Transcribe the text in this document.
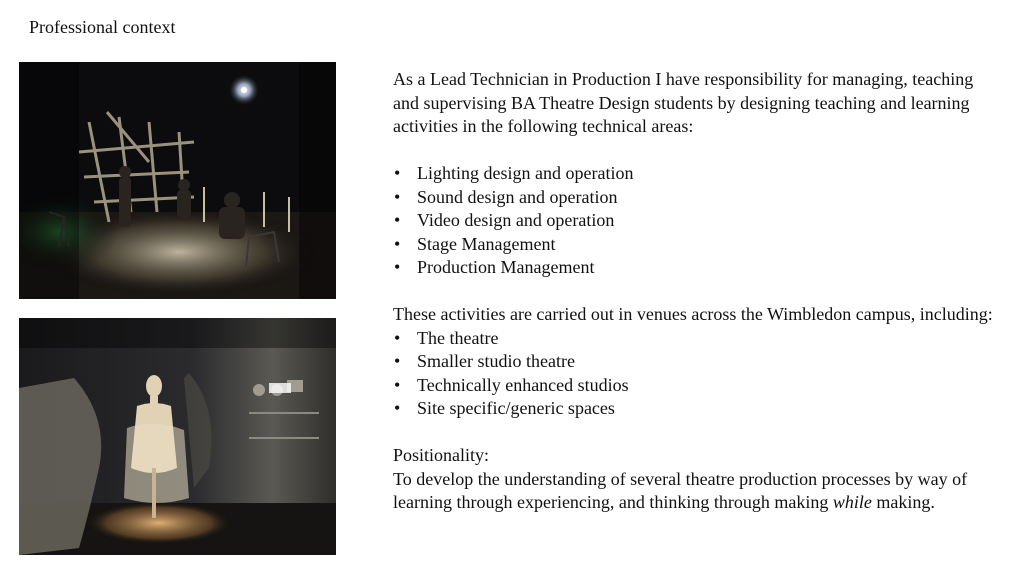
Professional context

As a Lead Technician in Production I have responsibility for managing, teaching and supervising BA Theatre Design students by designing teaching and learning activities in the following technical areas:

• Lighting design and operation
• Sound design and operation
• Video design and operation
• Stage Management
• Production Management

These activities are carried out in venues across the Wimbledon campus, including:

• The theatre
• Smaller studio theatre
• Technically enhanced studios
• Site specific/generic spaces

Positionality:

To develop the understanding of several theatre production processes by way of learning through experiencing, and thinking through making while making.
